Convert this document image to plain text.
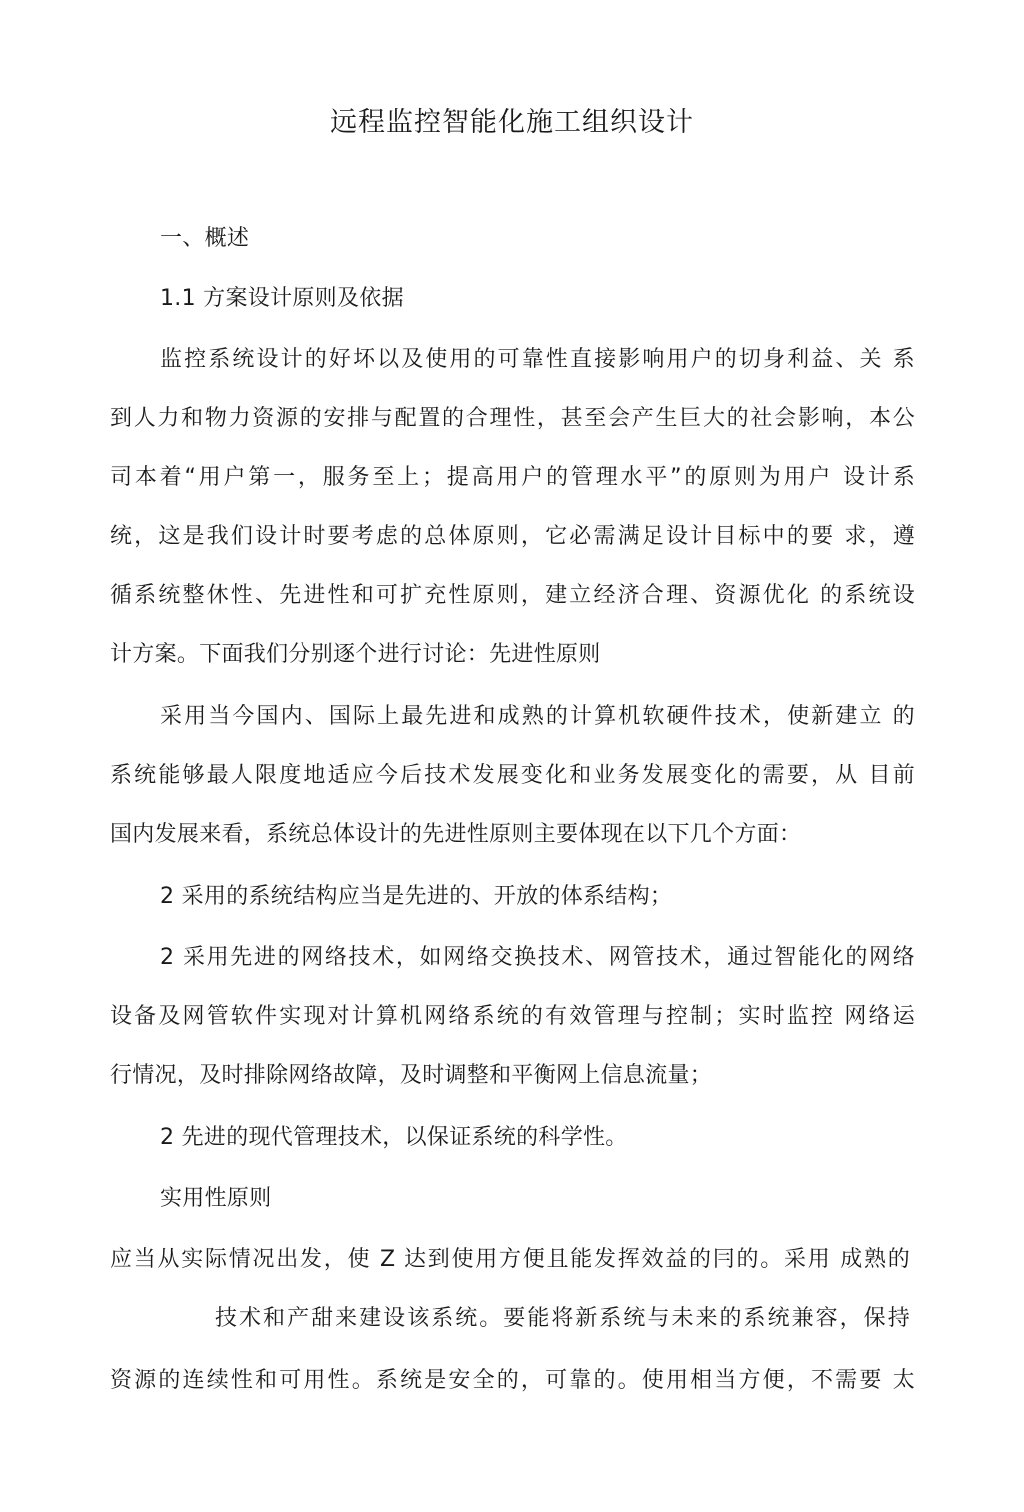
远程监控智能化施工组织设计
一、概述
1.1 方案设计原则及依据
监控系统设计的好坏以及使用的可靠性直接影响用户的切身利益、关 系
到人力和物力资源的安排与配置的合理性，甚至会产生巨大的社会影响，本公
司本着“用户第一，服务至上；提高用户的管理水平”的原则为用户 设计系
统，这是我们设计时要考虑的总体原则，它必需满足设计目标中的要 求，遵
循系统整休性、先进性和可扩充性原则，建立经济合理、资源优化 的系统设
计方案。下面我们分别逐个进行讨论：先进性原则
采用当今国内、国际上最先进和成熟的计算机软硬件技术，使新建立 的
系统能够最人限度地适应今后技术发展变化和业务发展变化的需要，从 目前
国内发展来看，系统总体设计的先进性原则主要体现在以下几个方面：
2 采用的系统结构应当是先进的、开放的体系结构；
2 采用先进的网络技术，如网络交换技术、网管技术，通过智能化的网络
设备及网管软件实现对计算机网络系统的有效管理与控制；实时监控 网络运
行情况，及时排除网络故障，及时调整和平衡网上信息流量；
2 先进的现代管理技术，以保证系统的科学性。
实用性原则
应当从实际情况出发，使 Z 达到使用方便且能发挥效益的冃的。采用 成熟的
技术和产甜来建设该系统。要能将新系统与未来的系统兼容，保持
资源的连续性和可用性。系统是安全的，可靠的。使用相当方便，不需要 太
